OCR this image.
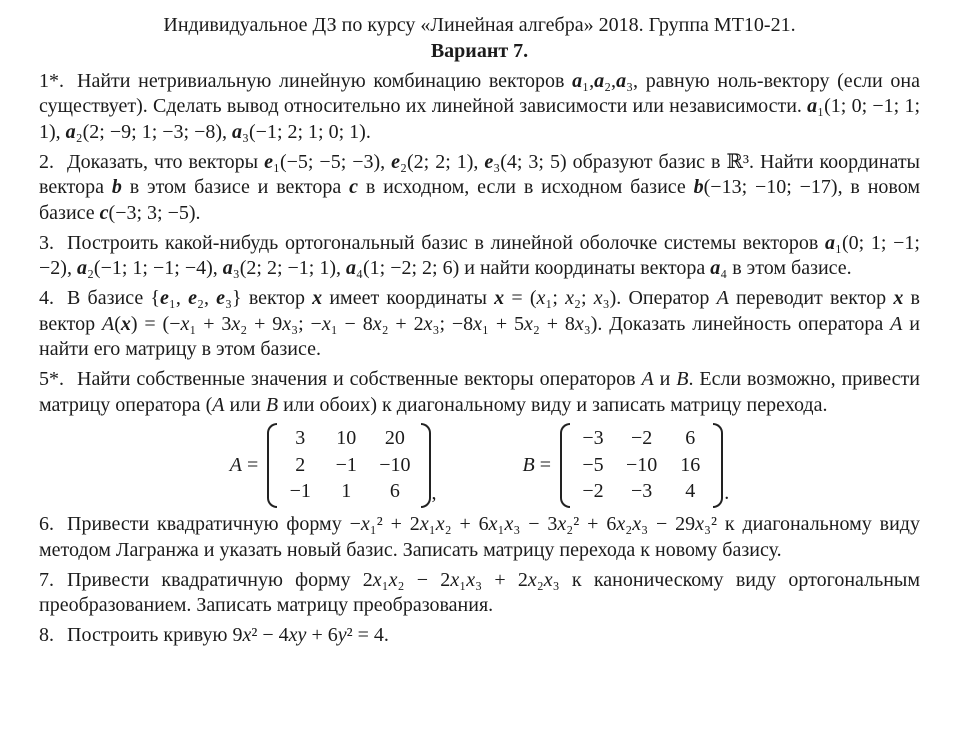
Индивидуальное ДЗ по курсу «Линейная алгебра» 2018. Группа МТ10-21.
Вариант 7.

1*. Найти нетривиальную линейную комбинацию векторов a₁,a₂,a₃, равную ноль-вектору (если она существует). Сделать вывод относительно их линейной зависимости или независимости. a₁(1; 0; −1; 1; 1), a₂(2; −9; 1; −3; −8), a₃(−1; 2; 1; 0; 1).

2. Доказать, что векторы e₁(−5; −5; −3), e₂(2; 2; 1), e₃(4; 3; 5) образуют базис в ℝ³. Найти координаты вектора b в этом базисе и вектора c в исходном, если в исходном базисе b(−13; −10; −17), в новом базисе c(−3; 3; −5).

3. Построить какой-нибудь ортогональный базис в линейной оболочке системы векторов a₁(0; 1; −1; −2), a₂(−1; 1; −1; −4), a₃(2; 2; −1; 1), a₄(1; −2; 2; 6) и найти координаты вектора a₄ в этом базисе.

4. В базисе {e₁, e₂, e₃} вектор x имеет координаты x = (x₁; x₂; x₃). Оператор A переводит вектор x в вектор A(x) = (−x₁ + 3x₂ + 9x₃; −x₁ − 8x₂ + 2x₃; −8x₁ + 5x₂ + 8x₃). Доказать линейность оператора A и найти его матрицу в этом базисе.

5*. Найти собственные значения и собственные векторы операторов A и B. Если возможно, привести матрицу оператора (A или B или обоих) к диагональному виду и записать матрицу перехода.

A =
3	10 20
2	−1 −10
−1	1	6	,
B =
−3 −2	6
−5 −10 16
−2 −3	4	.

6. Привести квадратичную форму −x₁² + 2x₁x₂ + 6x₁x₃ − 3x₂² + 6x₂x₃ − 29x₃² к диагональному виду методом Лагранжа и указать новый базис. Записать матрицу перехода к новому базису.

7. Привести квадратичную форму 2x₁x₂ − 2x₁x₃ + 2x₂x₃ к каноническому виду ортогональным преобразованием. Записать матрицу преобразования.

8. Построить кривую 9x² − 4xy + 6y² = 4.
